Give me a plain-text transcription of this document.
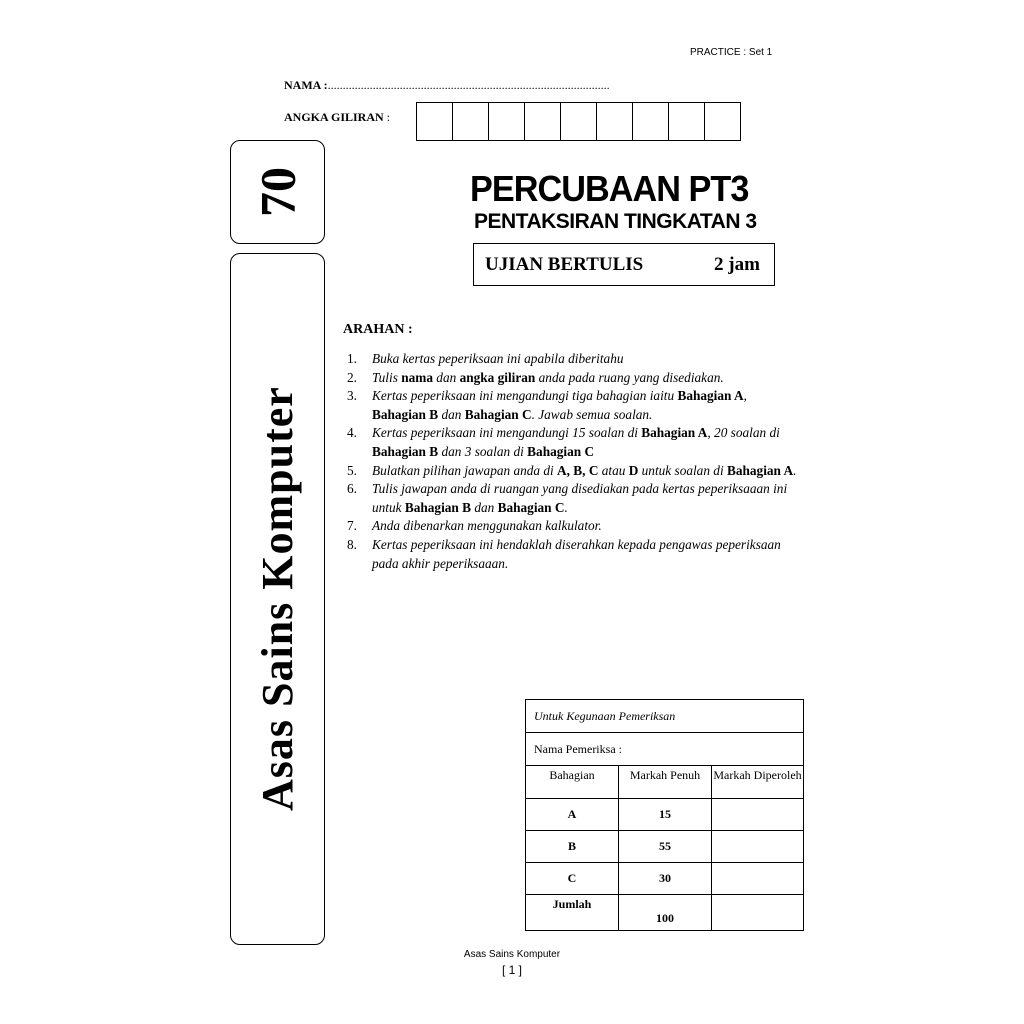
PRACTICE : Set 1
NAMA :..............................................................................................
ANGKA GILIRAN :
70
Asas Sains Komputer
PERCUBAAN PT3
PENTAKSIRAN TINGKATAN 3
UJIAN BERTULIS	2 jam
ARAHAN :
1. Buka kertas peperiksaan ini apabila diberitahu
2. Tulis nama dan angka giliran anda pada ruang yang disediakan.
3. Kertas peperiksaan ini mengandungi tiga bahagian iaitu Bahagian A, Bahagian B dan Bahagian C. Jawab semua soalan.
4. Kertas peperiksaan ini mengandungi 15 soalan di Bahagian A, 20 soalan di Bahagian B dan 3 soalan di Bahagian C
5. Bulatkan pilihan jawapan anda di A, B, C atau D untuk soalan di Bahagian A.
6. Tulis jawapan anda di ruangan yang disediakan pada kertas peperiksaaan ini untuk Bahagian B dan Bahagian C.
7. Anda dibenarkan menggunakan kalkulator.
8. Kertas peperiksaan ini hendaklah diserahkan kepada pengawas peperiksaan pada akhir peperiksaaan.
Untuk Kegunaan Pemeriksan		
Nama Pemeriksa :		
Bahagian	Markah Penuh	Markah Diperoleh
A	15	
B	55	
C	30	
Jumlah	100	
Asas Sains Komputer
[ 1 ]
